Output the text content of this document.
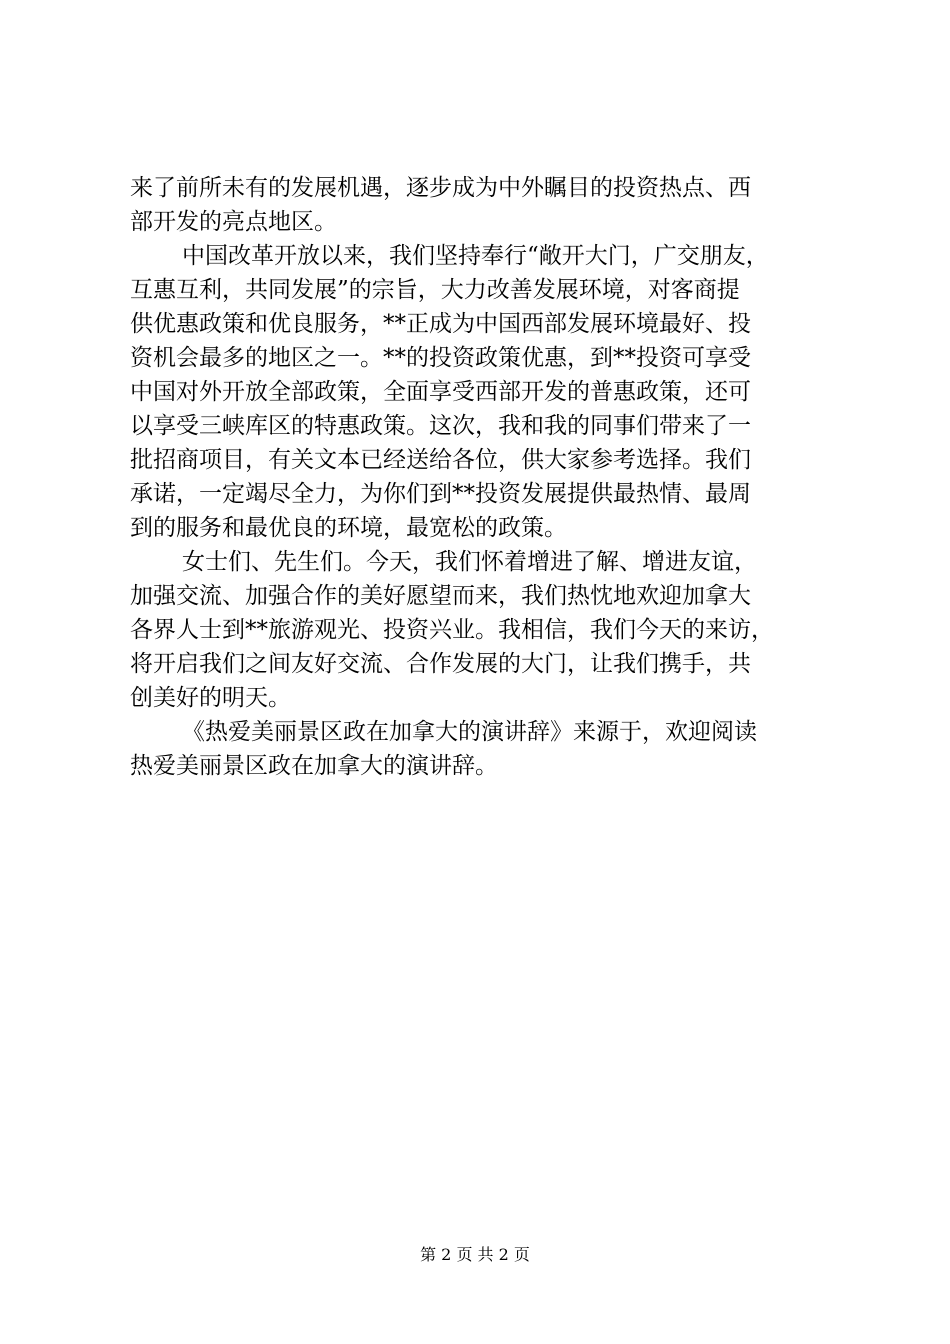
来了前所未有的发展机遇，逐步成为中外瞩目的投资热点、西
部开发的亮点地区。
中国改革开放以来，我们坚持奉行“敞开大门，广交朋友，
互惠互利，共同发展”的宗旨，大力改善发展环境，对客商提
供优惠政策和优良服务，**正成为中国西部发展环境最好、投
资机会最多的地区之一。**的投资政策优惠，到**投资可享受
中国对外开放全部政策，全面享受西部开发的普惠政策，还可
以享受三峡库区的特惠政策。这次，我和我的同事们带来了一
批招商项目，有关文本已经送给各位，供大家参考选择。我们
承诺，一定竭尽全力，为你们到**投资发展提供最热情、最周
到的服务和最优良的环境，最宽松的政策。
女士们、先生们。今天，我们怀着增进了解、增进友谊，
加强交流、加强合作的美好愿望而来，我们热忱地欢迎加拿大
各界人士到**旅游观光、投资兴业。我相信，我们今天的来访，
将开启我们之间友好交流、合作发展的大门，让我们携手，共
创美好的明天。
《热爱美丽景区政在加拿大的演讲辞》来源于，欢迎阅读
热爱美丽景区政在加拿大的演讲辞。
第 2 页 共 2 页
